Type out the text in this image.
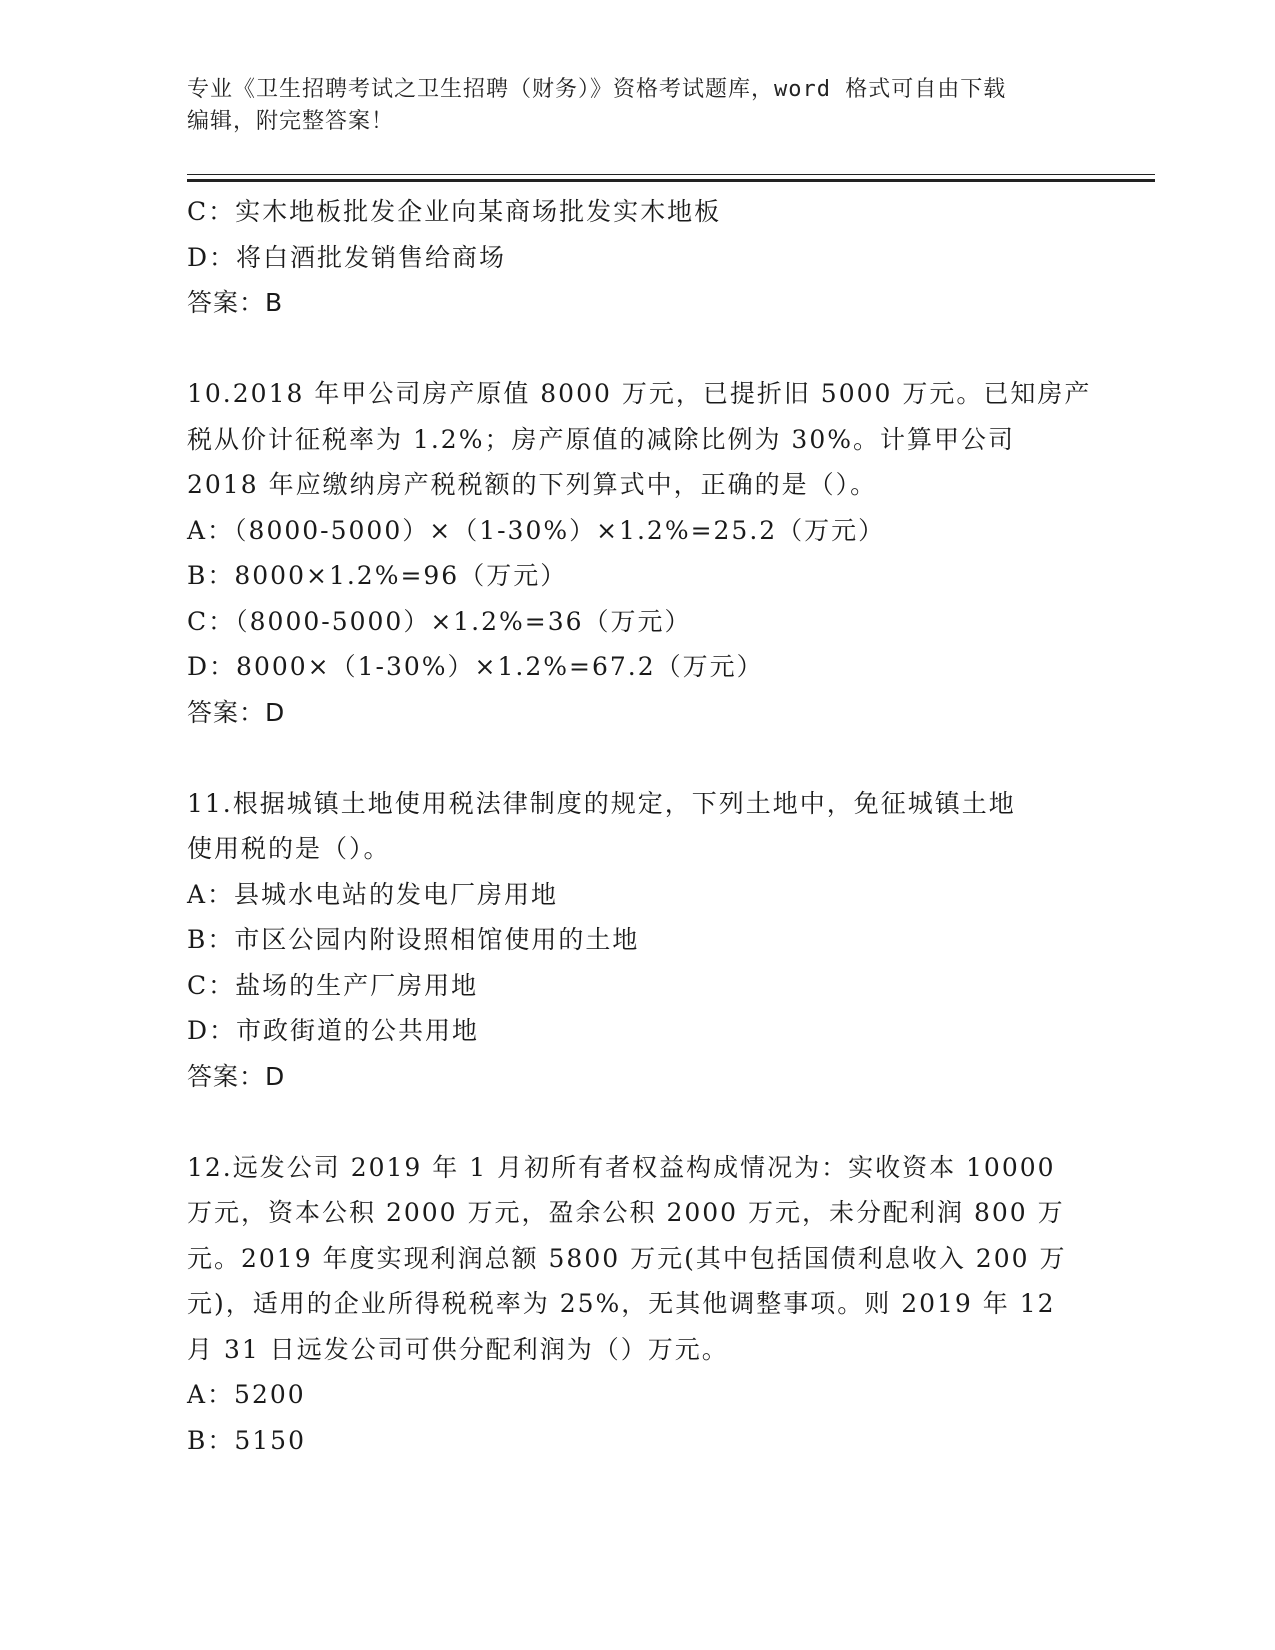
专业《卫生招聘考试之卫生招聘（财务）》资格考试题库，word 格式可自由下载
编辑，附完整答案！
C：实木地板批发企业向某商场批发实木地板
D：将白酒批发销售给商场
答案：B
10.2018 年甲公司房产原值 8000 万元，已提折旧 5000 万元。已知房产
税从价计征税率为 1.2%；房产原值的减除比例为 30%。计算甲公司
2018 年应缴纳房产税税额的下列算式中，正确的是（）。
A：（8000-5000）×（1-30%）×1.2%=25.2（万元）
B：8000×1.2%=96（万元）
C：（8000-5000）×1.2%=36（万元）
D：8000×（1-30%）×1.2%=67.2（万元）
答案：D
11.根据城镇土地使用税法律制度的规定，下列土地中，免征城镇土地
使用税的是（）。
A：县城水电站的发电厂房用地
B：市区公园内附设照相馆使用的土地
C：盐场的生产厂房用地
D：市政街道的公共用地
答案：D
12.远发公司 2019 年 1 月初所有者权益构成情况为：实收资本 10000
万元，资本公积 2000 万元，盈余公积 2000 万元，未分配利润 800 万
元。2019 年度实现利润总额 5800 万元(其中包括国债利息收入 200 万
元)，适用的企业所得税税率为 25%，无其他调整事项。则 2019 年 12
月 31 日远发公司可供分配利润为（）万元。
A：5200
B：5150
